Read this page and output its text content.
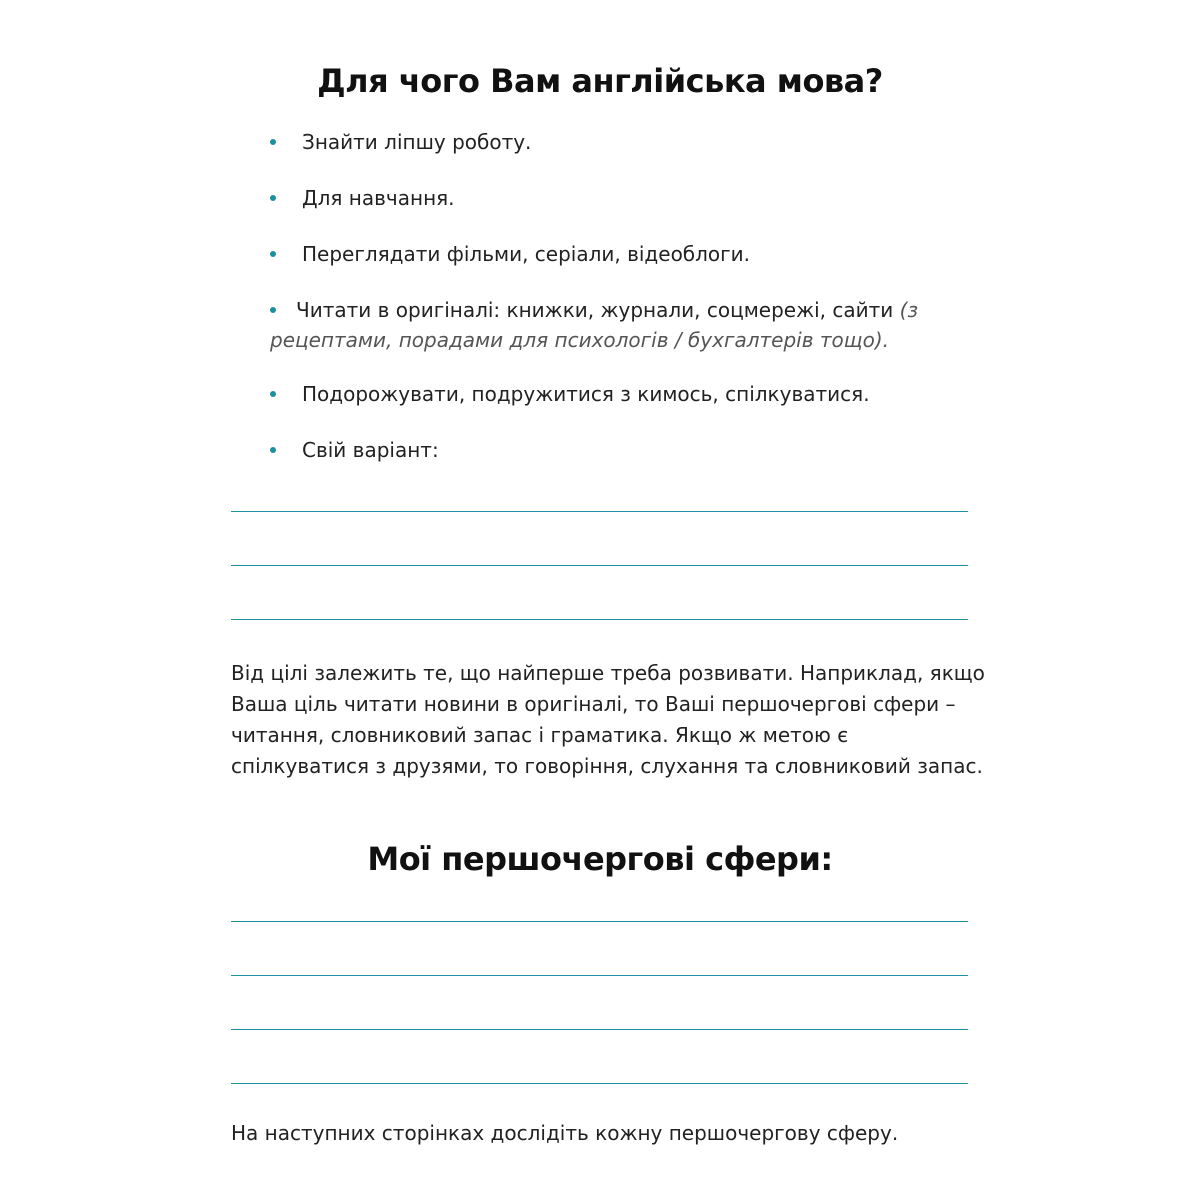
Для чого Вам англійська мова?
Знайти ліпшу роботу.
Для навчання.
Переглядати фільми, серіали, відеоблоги.
Читати в оригіналі: книжки, журнали, соцмережі, сайти (з рецептами, порадами для психологів / бухгалтерів тощо).
Подорожувати, подружитися з кимось, спілкуватися.
Свій варіант:

Від цілі залежить те, що найперше треба розвивати. Наприклад, якщо Ваша ціль читати новини в оригіналі, то Ваші першочергові сфери – читання, словниковий запас і граматика. Якщо ж метою є спілкуватися з друзями, то говоріння, слухання та словниковий запас.

Мої першочергові сфери:

На наступних сторінках дослідіть кожну першочергову сферу.
